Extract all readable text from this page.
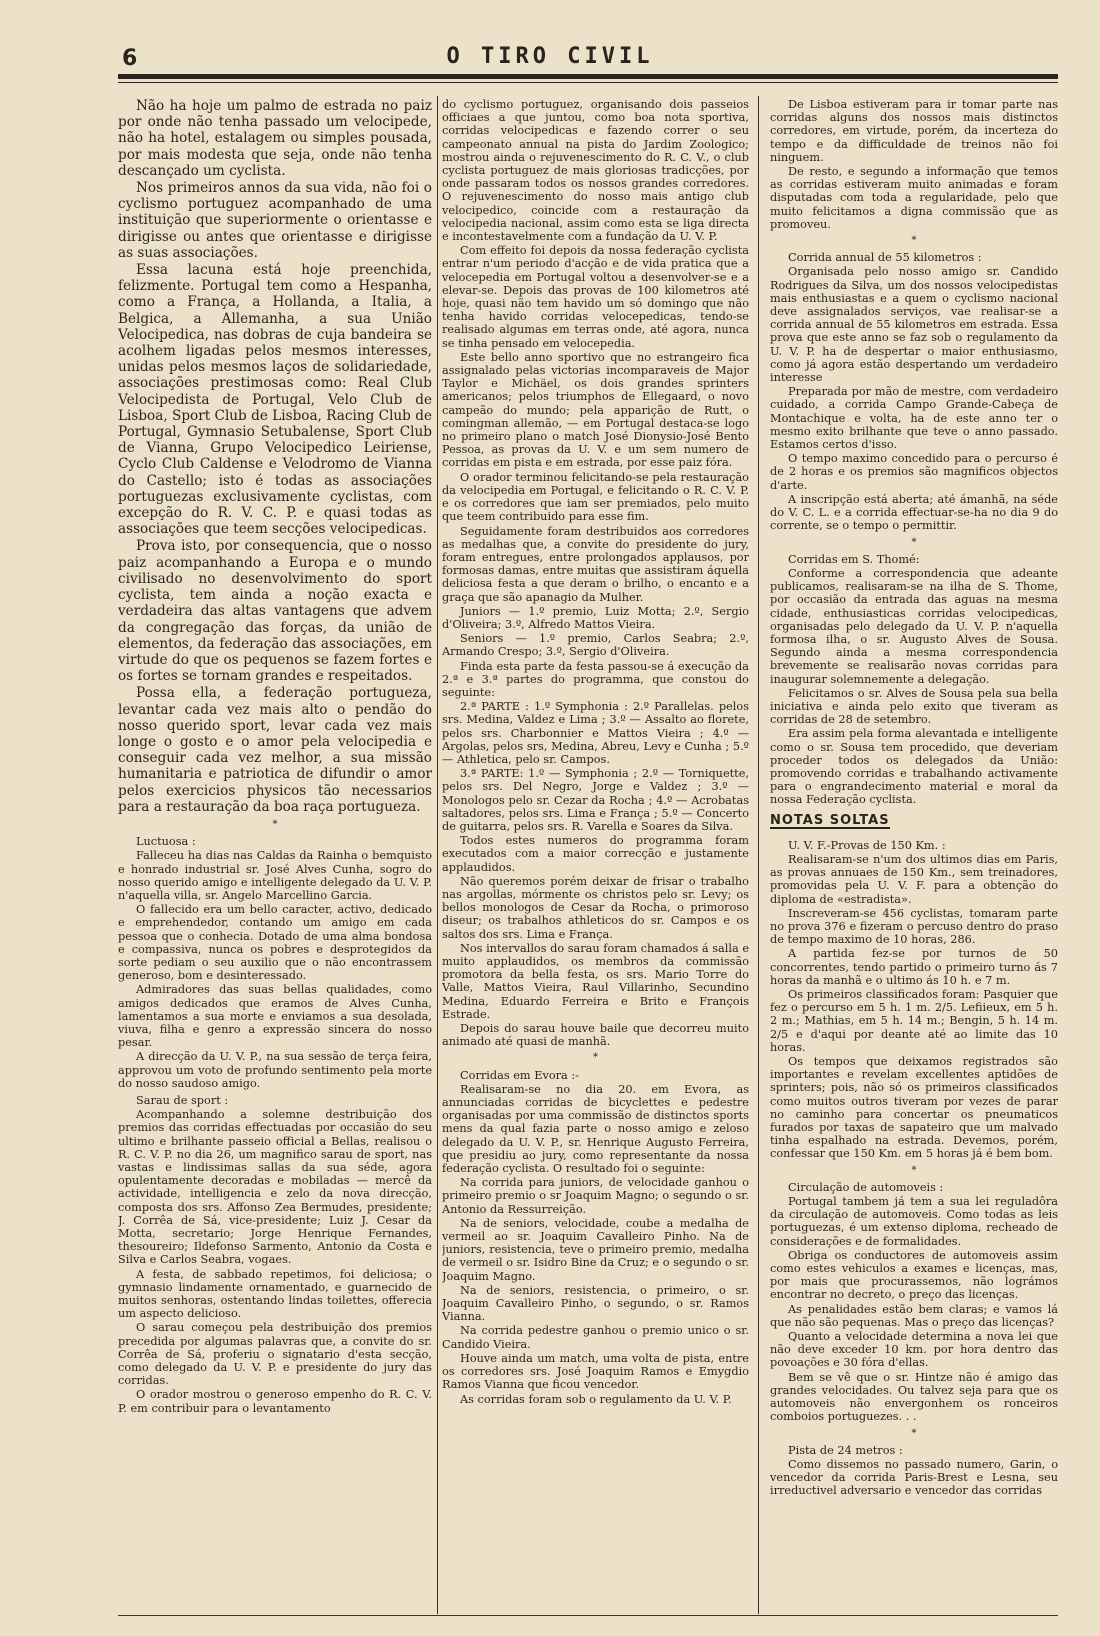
6	O TIRO CIVIL

Não ha hoje um palmo de estrada no paiz por onde não tenha passado um velocipede, não ha hotel, estalagem ou simples pousada, por mais modesta que seja, onde não tenha descançado um cyclista.

Nos primeiros annos da sua vida, não foi o cyclismo portuguez acompanhado de uma instituição que superiormente o orientasse e dirigisse ou antes que orientasse e dirigisse as suas associações.

Essa lacuna está hoje preenchida, felizmente. Portugal tem como a Hespanha, como a França, a Hollanda, a Italia, a Belgica, a Allemanha, a sua União Velocipedica, nas dobras de cuja bandeira se acolhem ligadas pelos mesmos interesses, unidas pelos mesmos laços de solidariedade, associações prestimosas como: Real Club Velocipedista de Portugal, Velo Club de Lisboa, Sport Club de Lisboa, Racing Club de Portugal, Gymnasio Setubalense, Sport Club de Vianna, Grupo Velocipedico Leiriense, Cyclo Club Caldense e Velodromo de Vianna do Castello; isto é todas as associações portuguezas exclusivamente cyclistas, com excepção do R. V. C. P. e quasi todas as associações que teem secções velocipedicas.

Prova isto, por consequencia, que o nosso paiz acompanhando a Europa e o mundo civilisado no desenvolvimento do sport cyclista, tem ainda a noção exacta e verdadeira das altas vantagens que advem da congregação das forças, da união de elementos, da federação das associações, em virtude do que os pequenos se fazem fortes e os fortes se tornam grandes e respeitados.

Possa ella, a federação portugueza, levantar cada vez mais alto o pendão do nosso querido sport, levar cada vez mais longe o gosto e o amor pela velocipedia e conseguir cada vez melhor, a sua missão humanitaria e patriotica de difundir o amor pelos exercicios physicos tão necessarios para a restauração da boa raça portugueza.

*

Luctuosa :

Falleceu ha dias nas Caldas da Rainha o bemquisto e honrado industrial sr. José Alves Cunha, sogro do nosso querido amigo e intelligente delegado da U. V. P. n'aquella villa, sr. Angelo Marcellino Garcia.

O fallecido era um bello caracter, activo, dedicado e emprehendedor, contando um amigo em cada pessoa que o conhecia. Dotado de uma alma bondosa e compassiva, nunca os pobres e desprotegidos da sorte pediam o seu auxilio que o não encontrassem generoso, bom e desinteressado.

Admiradores das suas bellas qualidades, como amigos dedicados que eramos de Alves Cunha, lamentamos a sua morte e enviamos a sua desolada, viuva, filha e genro a expressão sincera do nosso pesar.

A direcção da U. V. P., na sua sessão de terça feira, approvou um voto de profundo sentimento pela morte do nosso saudoso amigo.

Sarau de sport :

Acompanhando a solemne destribuição dos premios das corridas effectuadas por occasião do seu ultimo e brilhante passeio official a Bellas, realisou o R. C. V. P. no dia 26, um magnifico sarau de sport, nas vastas e lindissimas sallas da sua séde, agora opulentamente decoradas e mobiladas — mercê da actividade, intelligencia e zelo da nova direcção, composta dos srs. Affonso Zea Bermudes, presidente; J. Corrêa de Sá, vice-presidente; Luiz J. Cesar da Motta, secretario; Jorge Henrique Fernandes, thesoureiro; Ildefonso Sarmento, Antonio da Costa e Silva e Carlos Seabra, vogaes.

A festa, de sabbado repetimos, foi deliciosa; o gymnasio lindamente ornamentado, e guarnecido de muitos senhoras, ostentando lindas toilettes, offerecia um aspecto delicioso.

O sarau começou pela destribuição dos premios precedida por algumas palavras que, a convite do sr. Corrêa de Sá, proferiu o signatario d'esta secção, como delegado da U. V. P. e presidente do jury das corridas.

O orador mostrou o generoso empenho do R. C. V. P. em contribuir para o levantamento

do cyclismo portuguez, organisando dois passeios officiaes a que juntou, como boa nota sportiva, corridas velocipedicas e fazendo correr o seu campeonato annual na pista do Jardim Zoologico; mostrou ainda o rejuvenescimento do R. C. V., o club cyclista portuguez de mais gloriosas tradicções, por onde passaram todos os nossos grandes corredores. O rejuvenescimento do nosso mais antigo club velocipedico, coincide com a restauração da velocipedia nacional, assim como esta se liga directa e incontestavelmente com a fundação da U. V. P.

Com effeito foi depois da nossa federação cyclista entrar n'um periodo d'acção e de vida pratica que a velocepedia em Portugal voltou a desenvolver-se e a elevar-se. Depois das provas de 100 kilometros até hoje, quasi não tem havido um só domingo que não tenha havido corridas velocepedicas, tendo-se realisado algumas em terras onde, até agora, nunca se tinha pensado em velocepedia.

Este bello anno sportivo que no estrangeiro fica assignalado pelas victorias incomparaveis de Major Taylor e Michäel, os dois grandes sprinters americanos; pelos triumphos de Ellegaard, o novo campeão do mundo; pela apparição de Rutt, o comingman allemão, — em Portugal destaca-se logo no primeiro plano o match José Dionysio-José Bento Pessoa, as provas da U. V. e um sem numero de corridas em pista e em estrada, por esse paiz fóra.

O orador terminou felicitando-se pela restauração da velocipedia em Portugal, e felicitando o R. C. V. P. e os corredores que iam ser premiados, pelo muito que teem contribuido para esse fim.

Seguidamente foram destribuidos aos corredores as medalhas que, a convite do presidente do jury, foram entregues, entre prolongados applausos, por formosas damas, entre muitas que assistiram áquella deliciosa festa a que deram o brilho, o encanto e a graça que são apanagio da Mulher.

Juniors — 1.º premio, Luiz Motta; 2.º, Sergio d'Oliveira; 3.º, Alfredo Mattos Vieira.

Seniors — 1.º premio, Carlos Seabra; 2.º, Armando Crespo; 3.º, Sergio d'Oliveira.

Finda esta parte da festa passou-se á execução da 2.ª e 3.ª partes do programma, que constou do seguinte:

2.ª PARTE : 1.º Symphonia : 2.º Parallelas. pelos srs. Medina, Valdez e Lima ; 3.º — Assalto ao florete, pelos srs. Charbonnier e Mattos Vieira ; 4.º — Argolas, pelos srs, Medina, Abreu, Levy e Cunha ; 5.º — Athletica, pelo sr. Campos.

3.ª PARTE: 1.º — Symphonia ; 2.º — Torniquette, pelos srs. Del Negro, Jorge e Valdez ; 3.º — Monologos pelo sr. Cezar da Rocha ; 4.º — Acrobatas saltadores, pelos srs. Lima e França ; 5.º — Concerto de guitarra, pelos srs. R. Varella e Soares da Silva.

Todos estes numeros do programma foram executados com a maior correcção e justamente applaudidos.

Não queremos porém deixar de frisar o trabalho nas argollas, mórmente os christos pelo sr. Levy; os bellos monologos de Cesar da Rocha, o primoroso diseur; os trabalhos athleticos do sr. Campos e os saltos dos srs. Lima e França.

Nos intervallos do sarau foram chamados á salla e muito applaudidos, os membros da commissão promotora da bella festa, os srs. Mario Torre do Valle, Mattos Vieira, Raul Villarinho, Secundino Medina, Eduardo Ferreira e Brito e François Estrade.

Depois do sarau houve baile que decorreu muito animado até quasi de manhã.

*

Corridas em Evora :-

Realisaram-se no dia 20. em Evora, as annunciadas corridas de bicyclettes e pedestre organisadas por uma commissão de distinctos sports mens da qual fazia parte o nosso amigo e zeloso delegado da U. V. P., sr. Henrique Augusto Ferreira, que presidiu ao jury, como representante da nossa federação cyclista. O resultado foi o seguinte:

Na corrida para juniors, de velocidade ganhou o primeiro premio o sr Joaquim Magno; o segundo o sr. Antonio da Ressurreição.

Na de seniors, velocidade, coube a medalha de vermeil ao sr. Joaquim Cavalleiro Pinho. Na de juniors, resistencia, teve o primeiro premio, medalha de vermeil o sr. Isidro Bine da Cruz; e o segundo o sr. Joaquim Magno.

Na de seniors, resistencia, o primeiro, o sr. Joaquim Cavalleiro Pinho, o segundo, o sr. Ramos Vianna.

Na corrida pedestre ganhou o premio unico o sr. Candido Vieira.

Houve ainda um match, uma volta de pista, entre os corredores srs. José Joaquim Ramos e Emygdio Ramos Vianna que ficou vencedor.

As corridas foram sob o regulamento da U. V. P.

De Lisboa estiveram para ir tomar parte nas corridas alguns dos nossos mais distinctos corredores, em virtude, porém, da incerteza do tempo e da difficuldade de treinos não foi ninguem.

De resto, e segundo a informação que temos as corridas estiveram muito animadas e foram disputadas com toda a regularidade, pelo que muito felicitamos a digna commissão que as promoveu.

*

Corrida annual de 55 kilometros :

Organisada pelo nosso amigo sr. Candido Rodrigues da Silva, um dos nossos velocipedistas mais enthusiastas e a quem o cyclismo nacional deve assignalados serviços, vae realisar-se a corrida annual de 55 kilometros em estrada. Essa prova que este anno se faz sob o regulamento da U. V. P. ha de despertar o maior enthusiasmo, como já agora estão despertando um verdadeiro interesse

Preparada por mão de mestre, com verdadeiro cuidado, a corrida Campo Grande-Cabeça de Montachique e volta, ha de este anno ter o mesmo exito brilhante que teve o anno passado. Estamos certos d'isso.

O tempo maximo concedido para o percurso é de 2 horas e os premios são magnificos objectos d'arte.

A inscripção está aberta; até ámanhã, na séde do V. C. L. e a corrida effectuar-se-ha no dia 9 do corrente, se o tempo o permittir.

*

Corridas em S. Thomé:

Conforme a correspondencia que adeante publicamos, realisaram-se na ilha de S. Thome, por occasião da entrada das aguas na mesma cidade, enthusiasticas corridas velocipedicas, organisadas pelo delegado da U. V. P. n'aquella formosa ilha, o sr. Augusto Alves de Sousa. Segundo ainda a mesma correspondencia brevemente se realisarão novas corridas para inaugurar solemnemente a delegação.

Felicitamos o sr. Alves de Sousa pela sua bella iniciativa e ainda pelo exito que tiveram as corridas de 28 de setembro.

Era assim pela forma alevantada e intelligente como o sr. Sousa tem procedido, que deveriam proceder todos os delegados da União: promovendo corridas e trabalhando activamente para o engrandecimento material e moral da nossa Federação cyclista.

NOTAS SOLTAS

U. V. F.-Provas de 150 Km. :

Realisaram-se n'um dos ultimos dias em Paris, as provas annuaes de 150 Km., sem treinadores, promovidas pela U. V. F. para a obtenção do diploma de «estradista».

Inscreveram-se 456 cyclistas, tomaram parte no prova 376 e fizeram o percuso dentro do praso de tempo maximo de 10 horas, 286.

A partida fez-se por turnos de 50 concorrentes, tendo partido o primeiro turno ás 7 horas da manhã e o ultimo ás 10 h. e 7 m.

Os primeiros classificados foram: Pasquier que fez o percurso em 5 h. 1 m. 2/5. Lefiieux, em 5 h. 2 m.; Mathias, em 5 h. 14 m.; Bengin, 5 h. 14 m. 2/5 e d'aqui por deante até ao limite das 10 horas.

Os tempos que deixamos registrados são importantes e revelam excellentes aptidões de sprinters; pois, não só os primeiros classificados como muitos outros tiveram por vezes de parar no caminho para concertar os pneumaticos furados por taxas de sapateiro que um malvado tinha espalhado na estrada. Devemos, porém, confessar que 150 Km. em 5 horas já é bem bom.

*

Circulação de automoveis :

Portugal tambem já tem a sua lei reguladôra da circulação de automoveis. Como todas as leis portuguezas, é um extenso diploma, recheado de considerações e de formalidades.

Obriga os conductores de automoveis assim como estes vehiculos a exames e licenças, mas, por mais que procurassemos, não lográmos encontrar no decreto, o preço das licenças.

As penalidades estão bem claras; e vamos lá que não são pequenas. Mas o preço das licenças?

Quanto a velocidade determina a nova lei que não deve exceder 10 km. por hora dentro das povoações e 30 fóra d'ellas.

Bem se vê que o sr. Hintze não é amigo das grandes velocidades. Ou talvez seja para que os automoveis não envergonhem os ronceiros comboios portuguezes. . .

*

Pista de 24 metros :

Como dissemos no passado numero, Garin, o vencedor da corrida Paris-Brest e Lesna, seu irreductivel adversario e vencedor das corridas
